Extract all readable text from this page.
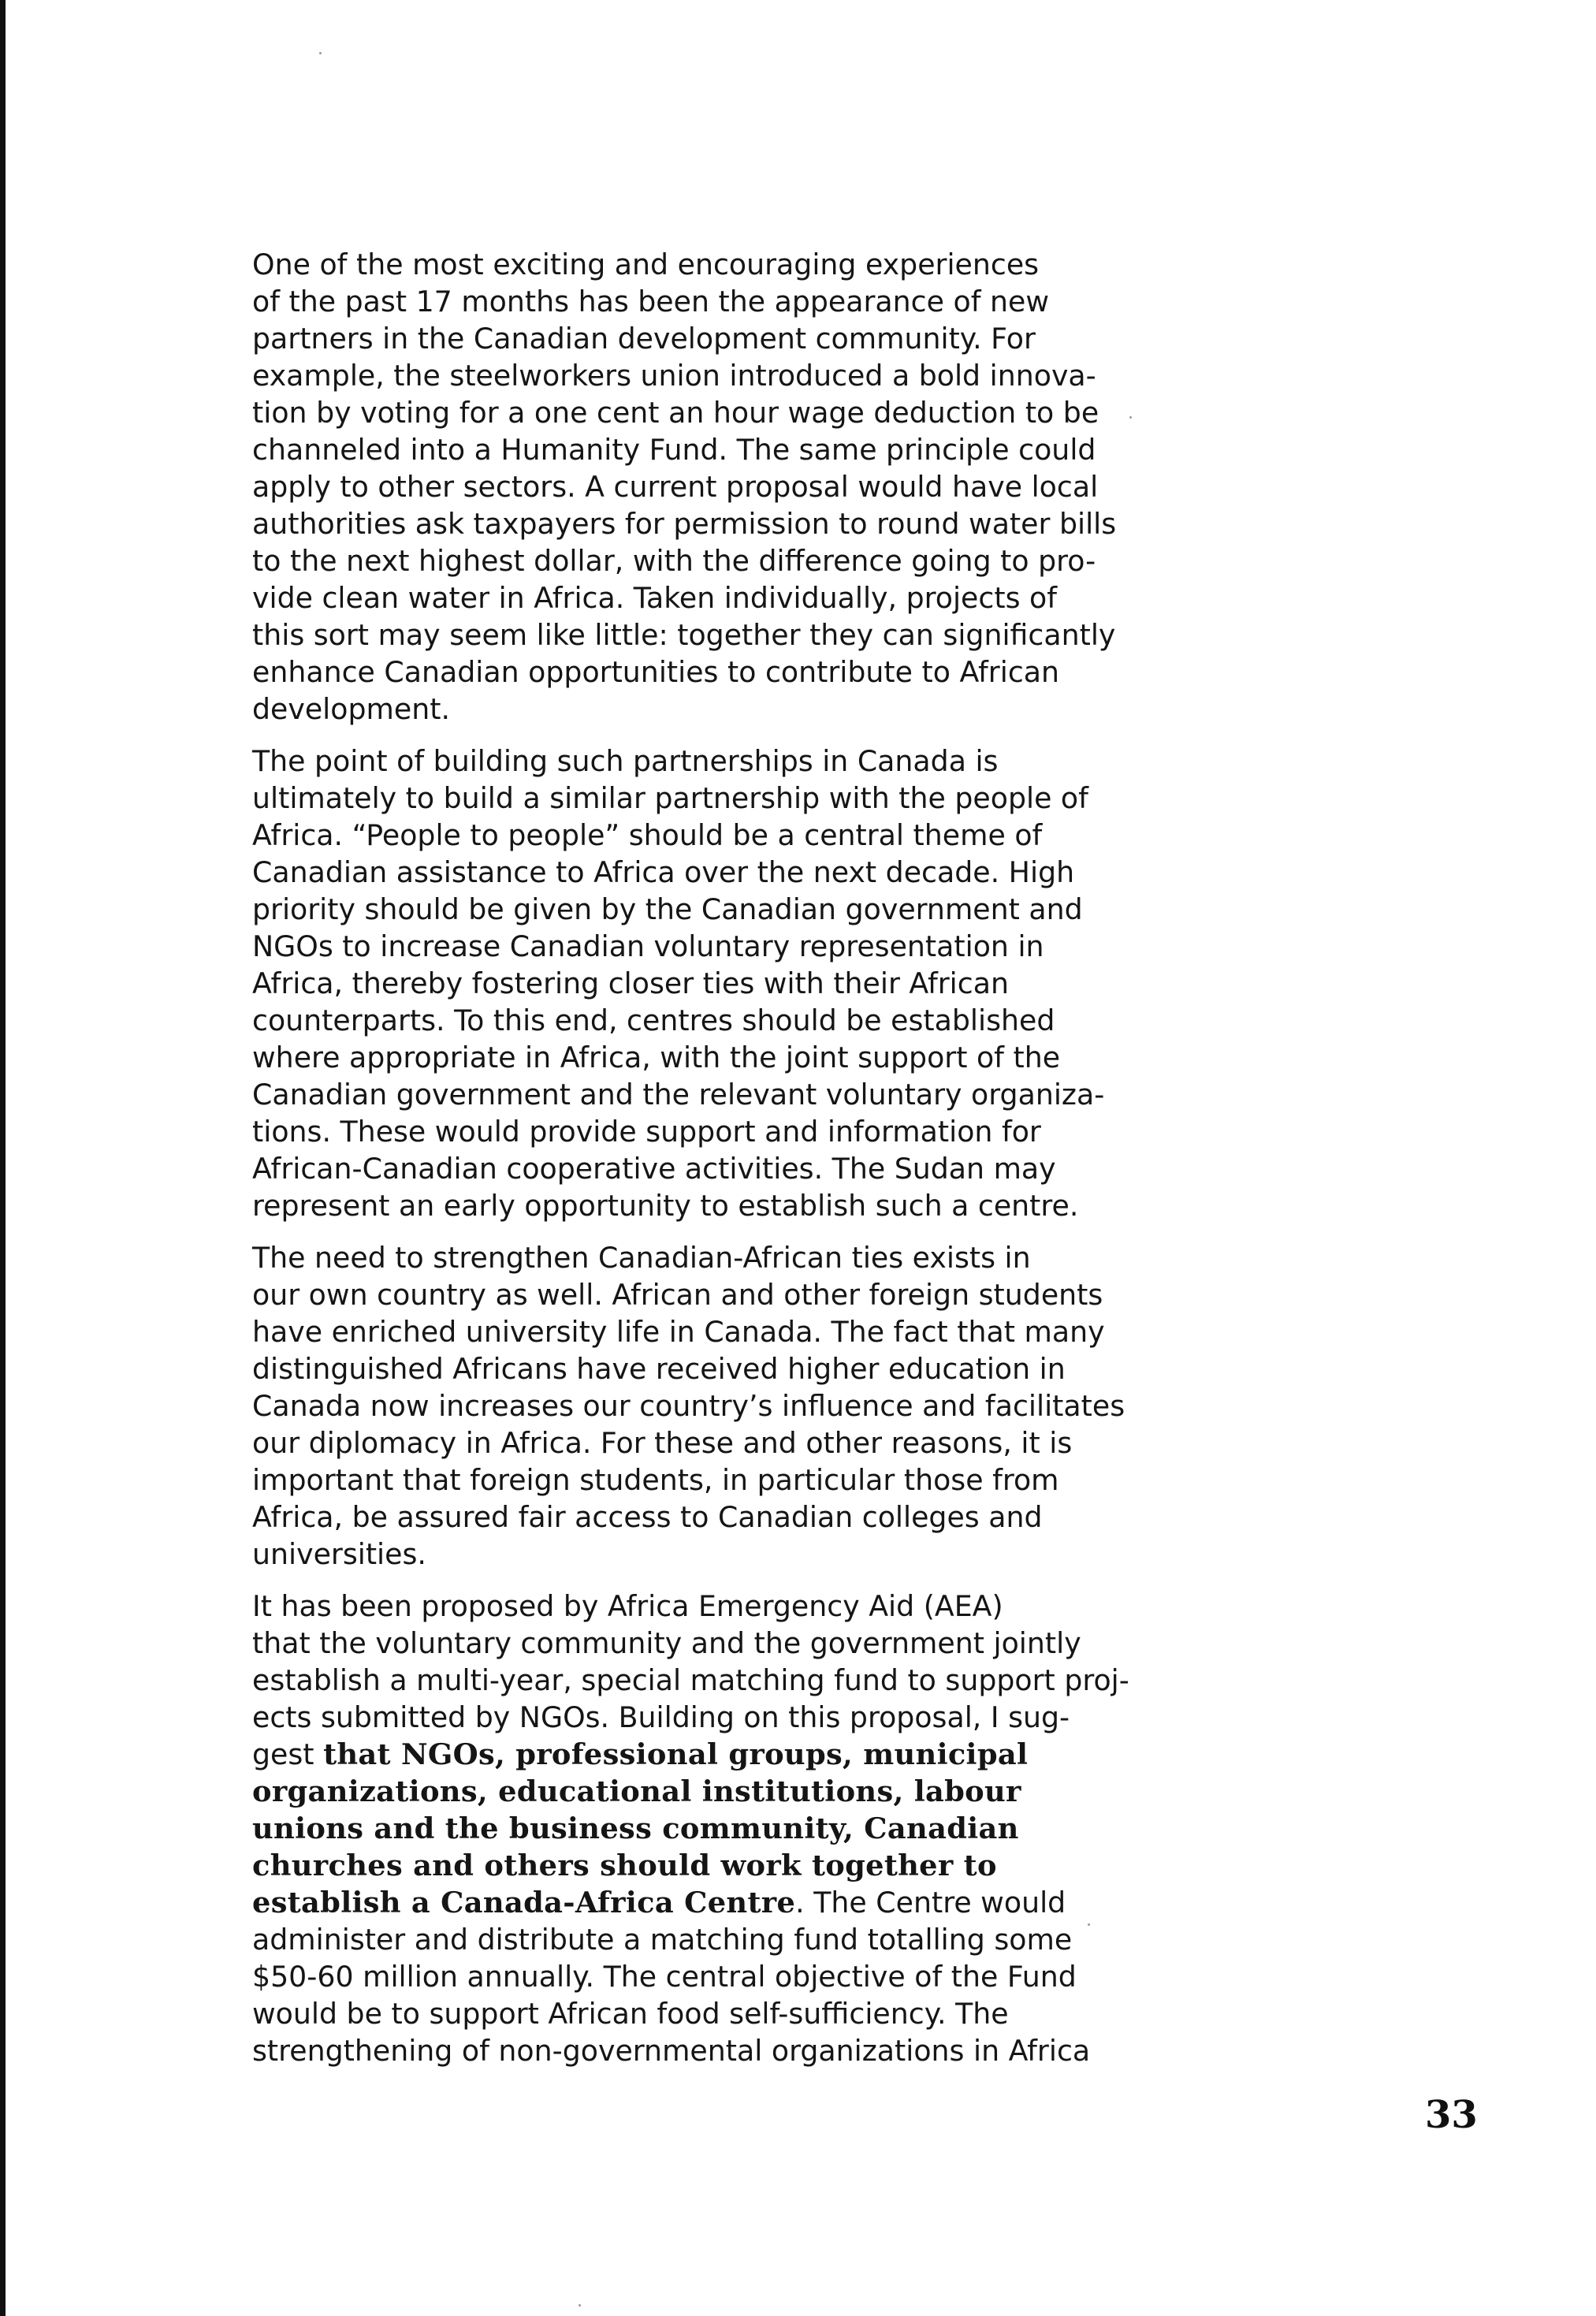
One of the most exciting and encouraging experiences
of the past 17 months has been the appearance of new
partners in the Canadian development community. For
example, the steelworkers union introduced a bold innova-
tion by voting for a one cent an hour wage deduction to be
channeled into a Humanity Fund. The same principle could
apply to other sectors. A current proposal would have local
authorities ask taxpayers for permission to round water bills
to the next highest dollar, with the difference going to pro-
vide clean water in Africa. Taken individually, projects of
this sort may seem like little: together they can significantly
enhance Canadian opportunities to contribute to African
development.

The point of building such partnerships in Canada is
ultimately to build a similar partnership with the people of
Africa. “People to people” should be a central theme of
Canadian assistance to Africa over the next decade. High
priority should be given by the Canadian government and
NGOs to increase Canadian voluntary representation in
Africa, thereby fostering closer ties with their African
counterparts. To this end, centres should be established
where appropriate in Africa, with the joint support of the
Canadian government and the relevant voluntary organiza-
tions. These would provide support and information for
African-Canadian cooperative activities. The Sudan may
represent an early opportunity to establish such a centre.

The need to strengthen Canadian-African ties exists in
our own country as well. African and other foreign students
have enriched university life in Canada. The fact that many
distinguished Africans have received higher education in
Canada now increases our country’s influence and facilitates
our diplomacy in Africa. For these and other reasons, it is
important that foreign students, in particular those from
Africa, be assured fair access to Canadian colleges and
universities.

It has been proposed by Africa Emergency Aid (AEA)
that the voluntary community and the government jointly
establish a multi-year, special matching fund to support proj-
ects submitted by NGOs. Building on this proposal, I sug-
gest that NGOs, professional groups, municipal
organizations, educational institutions, labour
unions and the business community, Canadian
churches and others should work together to
establish a Canada-Africa Centre. The Centre would
administer and distribute a matching fund totalling some
$50-60 million annually. The central objective of the Fund
would be to support African food self-sufficiency. The
strengthening of non-governmental organizations in Africa

33
